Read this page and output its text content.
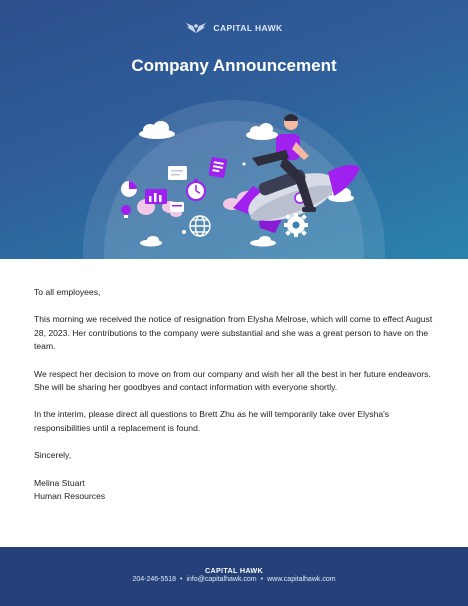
CAPITAL HAWK
Company Announcement

To all employees,

This morning we received the notice of resignation from Elysha Melrose, which will come to effect August 28, 2023. Her contributions to the company were substantial and she was a great person to have on the team.

We respect her decision to move on from our company and wish her all the best in her future endeavors. She will be sharing her goodbyes and contact information with everyone shortly.

In the interim, please direct all questions to Brett Zhu as he will temporarily take over Elysha's responsibilities until a replacement is found.

Sincerely,

Melina Stuart

Human Resources

CAPITAL HAWK
204-246-5518 • info@capitalhawk.com • www.capitalhawk.com
